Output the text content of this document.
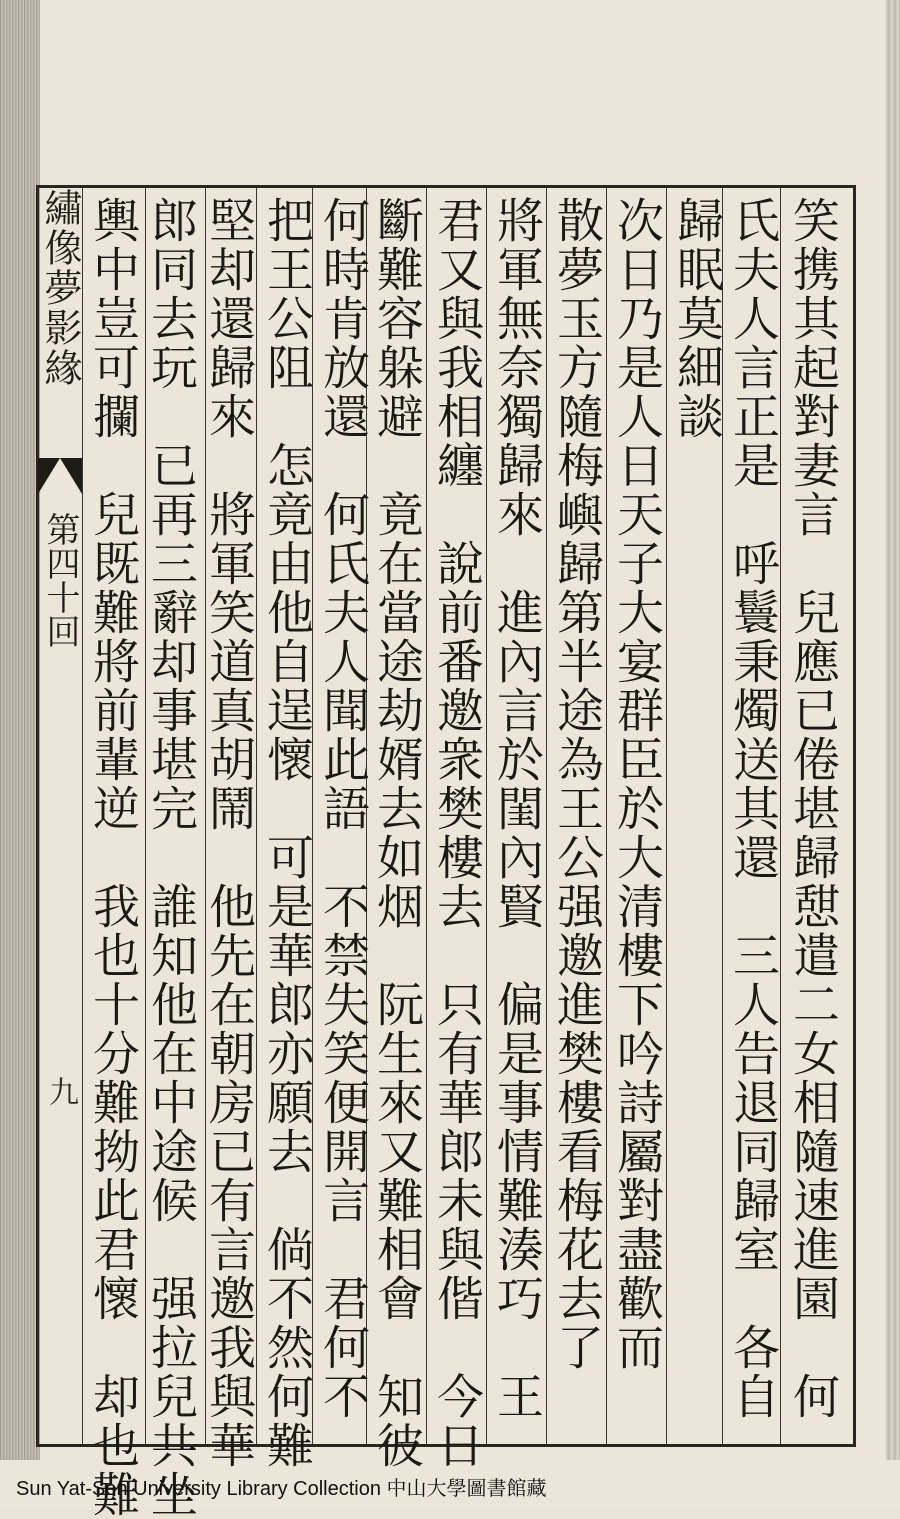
繡像夢影緣
第四十回
九	笑携其起對妻言　兒應已倦堪歸憇遣二女相隨速進園　何
氏夫人言正是　呼鬟秉燭送其還　三人告退同歸室　各自
歸眠莫細談
次日乃是人日天子大宴群臣於大清樓下吟詩屬對盡歡而
散夢玉方隨梅嶼歸第半途為王公强邀進樊樓看梅花去了
將軍無奈獨歸來　進內言於閨內賢　偏是事情難湊巧　王
君又與我相纏　說前番邀衆樊樓去　只有華郎未與偕　今日
斷難容躲避　竟在當途劫婿去如烟　阮生來又難相會　知彼
何時肯放還　何氏夫人聞此語　不禁失笑便開言　君何不
把王公阻　怎竟由他自逞懷　可是華郎亦願去　倘不然何難
堅却還歸來　將軍笑道真胡鬧　他先在朝房已有言邀我與華
郎同去玩　已再三辭却事堪完　誰知他在中途候　强拉兒共坐
輿中豈可攔　兒既難將前輩逆　我也十分難拗此君懷　却也難
Sun Yat-Sen University Library Collection 中山大學圖書館藏
